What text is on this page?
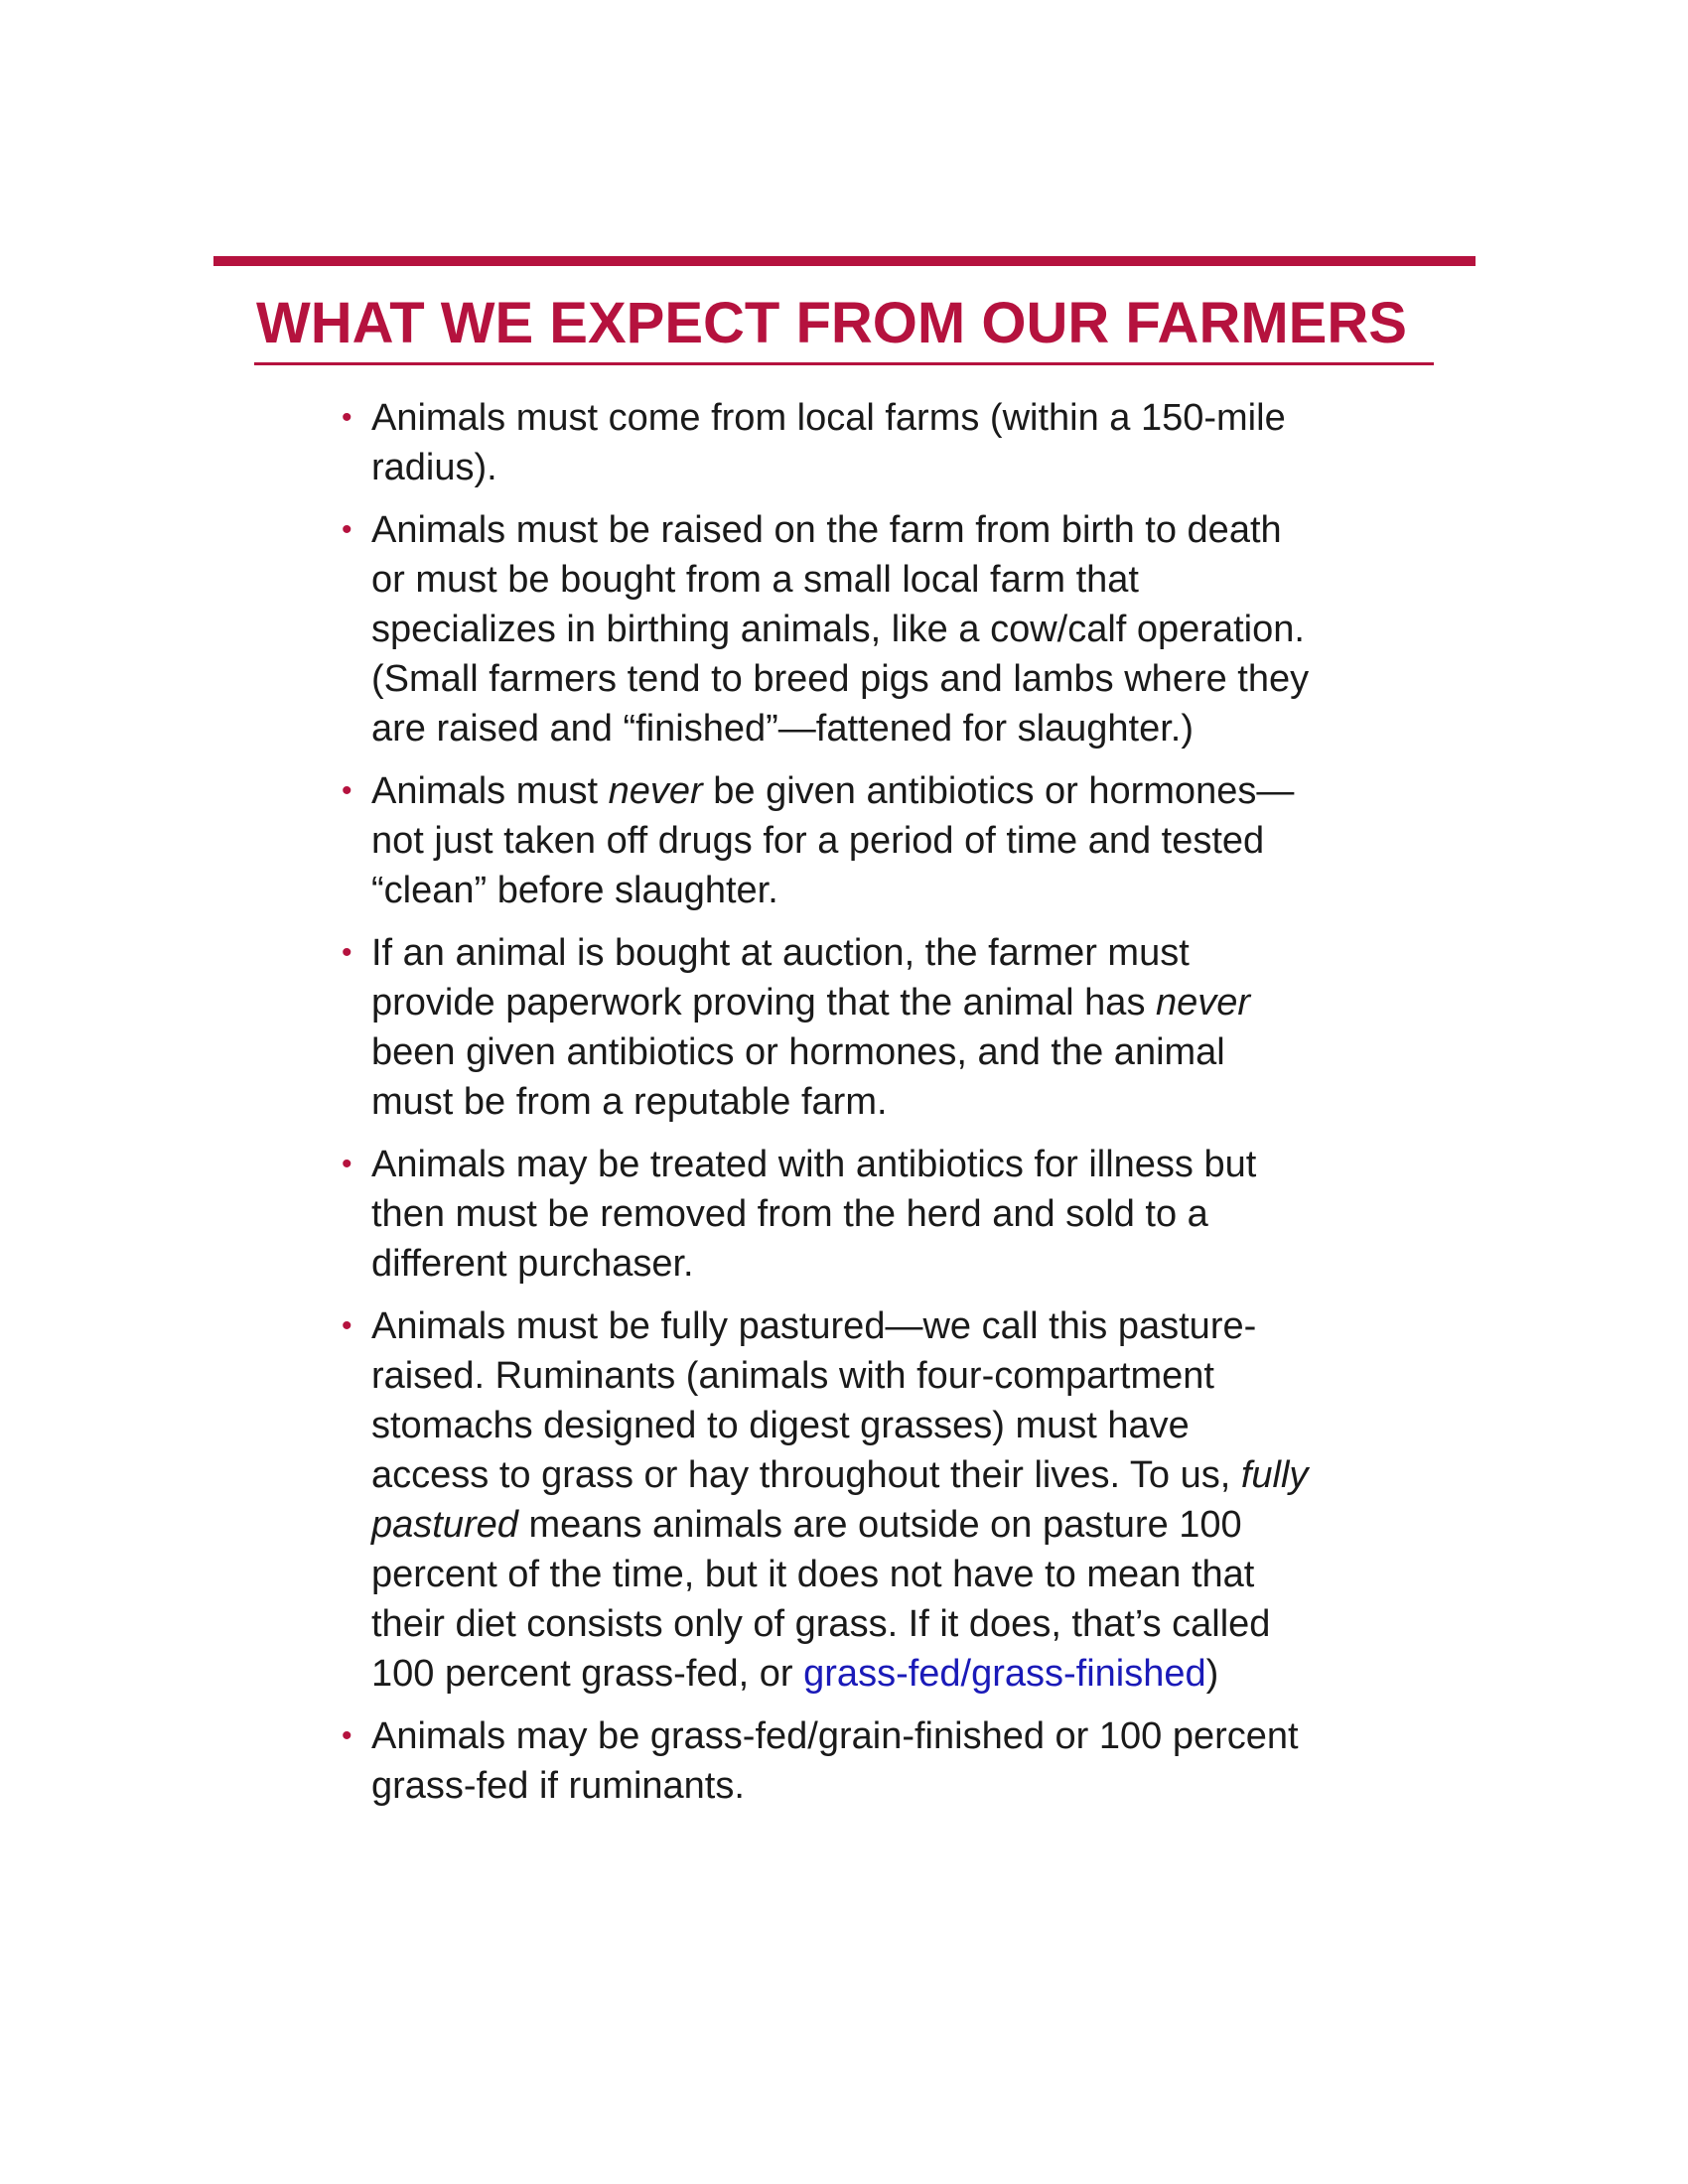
WHAT WE EXPECT FROM OUR FARMERS
• Animals must come from local farms (within a 150-mile radius).
• Animals must be raised on the farm from birth to death or must be bought from a small local farm that specializes in birthing animals, like a cow/calf operation. (Small farmers tend to breed pigs and lambs where they are raised and “finished”—fattened for slaughter.)
• Animals must never be given antibiotics or hormones—not just taken off drugs for a period of time and tested “clean” before slaughter.
• If an animal is bought at auction, the farmer must provide paperwork proving that the animal has never been given antibiotics or hormones, and the animal must be from a reputable farm.
• Animals may be treated with antibiotics for illness but then must be removed from the herd and sold to a different purchaser.
• Animals must be fully pastured—we call this pasture-raised. Ruminants (animals with four-compartment stomachs designed to digest grasses) must have access to grass or hay throughout their lives. To us, fully pastured means animals are outside on pasture 100 percent of the time, but it does not have to mean that their diet consists only of grass. If it does, that’s called 100 percent grass-fed, or grass-fed/grass-finished)
• Animals may be grass-fed/grain-finished or 100 percent grass-fed if ruminants.
